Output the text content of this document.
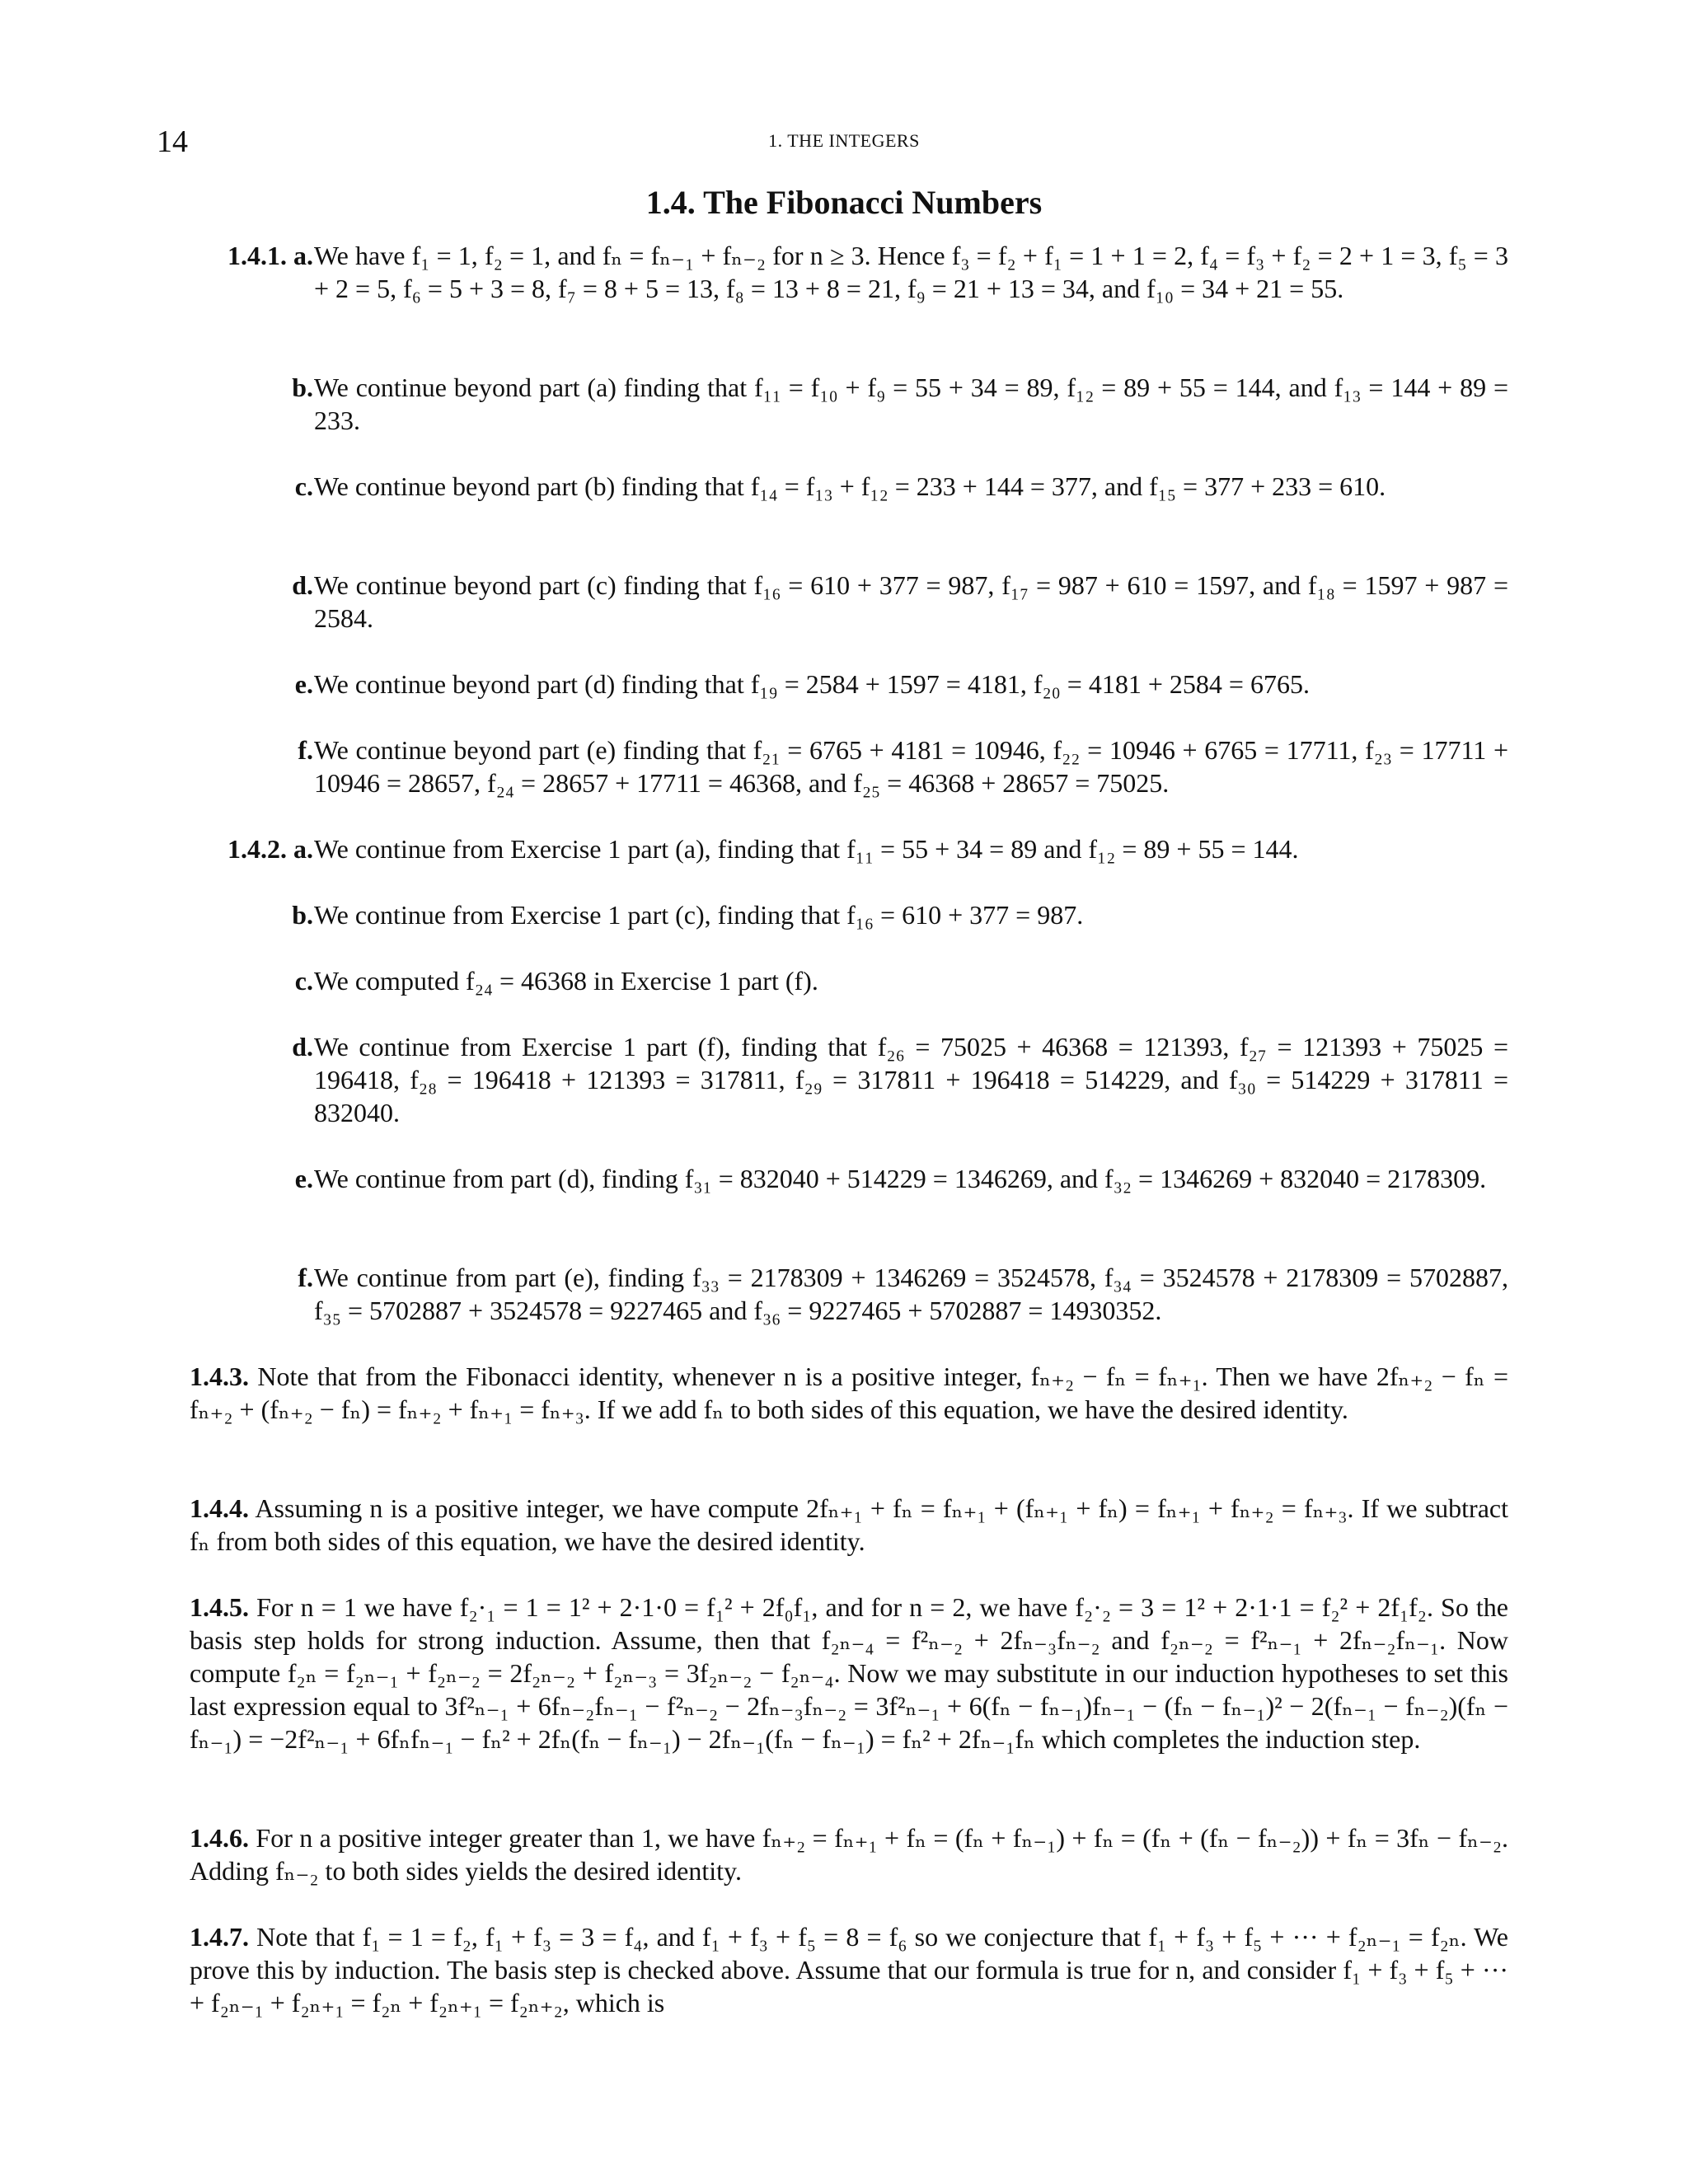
14	1. THE INTEGERS
1.4. The Fibonacci Numbers
1.4.1. a. We have f₁ = 1, f₂ = 1, and fₙ = fₙ₋₁ + fₙ₋₂ for n ≥ 3. Hence f₃ = f₂ + f₁ = 1 + 1 = 2, f₄ = f₃ + f₂ = 2 + 1 = 3, f₅ = 3 + 2 = 5, f₆ = 5 + 3 = 8, f₇ = 8 + 5 = 13, f₈ = 13 + 8 = 21, f₉ = 21 + 13 = 34, and f₁₀ = 34 + 21 = 55.
b. We continue beyond part (a) finding that f₁₁ = f₁₀ + f₉ = 55 + 34 = 89, f₁₂ = 89 + 55 = 144, and f₁₃ = 144 + 89 = 233.
c. We continue beyond part (b) finding that f₁₄ = f₁₃ + f₁₂ = 233 + 144 = 377, and f₁₅ = 377 + 233 = 610.
d. We continue beyond part (c) finding that f₁₆ = 610 + 377 = 987, f₁₇ = 987 + 610 = 1597, and f₁₈ = 1597 + 987 = 2584.
e. We continue beyond part (d) finding that f₁₉ = 2584 + 1597 = 4181, f₂₀ = 4181 + 2584 = 6765.
f. We continue beyond part (e) finding that f₂₁ = 6765 + 4181 = 10946, f₂₂ = 10946 + 6765 = 17711, f₂₃ = 17711 + 10946 = 28657, f₂₄ = 28657 + 17711 = 46368, and f₂₅ = 46368 + 28657 = 75025.
1.4.2. a. We continue from Exercise 1 part (a), finding that f₁₁ = 55 + 34 = 89 and f₁₂ = 89 + 55 = 144.
b. We continue from Exercise 1 part (c), finding that f₁₆ = 610 + 377 = 987.
c. We computed f₂₄ = 46368 in Exercise 1 part (f).
d. We continue from Exercise 1 part (f), finding that f₂₆ = 75025 + 46368 = 121393, f₂₇ = 121393 + 75025 = 196418, f₂₈ = 196418 + 121393 = 317811, f₂₉ = 317811 + 196418 = 514229, and f₃₀ = 514229 + 317811 = 832040.
e. We continue from part (d), finding f₃₁ = 832040 + 514229 = 1346269, and f₃₂ = 1346269 + 832040 = 2178309.
f. We continue from part (e), finding f₃₃ = 2178309 + 1346269 = 3524578, f₃₄ = 3524578 + 2178309 = 5702887, f₃₅ = 5702887 + 3524578 = 9227465 and f₃₆ = 9227465 + 5702887 = 14930352.
1.4.3. Note that from the Fibonacci identity, whenever n is a positive integer, fₙ₊₂ − fₙ = fₙ₊₁. Then we have 2fₙ₊₂ − fₙ = fₙ₊₂ + (fₙ₊₂ − fₙ) = fₙ₊₂ + fₙ₊₁ = fₙ₊₃. If we add fₙ to both sides of this equation, we have the desired identity.
1.4.4. Assuming n is a positive integer, we have compute 2fₙ₊₁ + fₙ = fₙ₊₁ + (fₙ₊₁ + fₙ) = fₙ₊₁ + fₙ₊₂ = fₙ₊₃. If we subtract fₙ from both sides of this equation, we have the desired identity.
1.4.5. For n = 1 we have f₂·₁ = 1 = 1² + 2·1·0 = f₁² + 2f₀f₁, and for n = 2, we have f₂·₂ = 3 = 1² + 2·1·1 = f₂² + 2f₁f₂. So the basis step holds for strong induction. Assume, then that f₂ₙ₋₄ = f²ₙ₋₂ + 2fₙ₋₃fₙ₋₂ and f₂ₙ₋₂ = f²ₙ₋₁ + 2fₙ₋₂fₙ₋₁. Now compute f₂ₙ = f₂ₙ₋₁ + f₂ₙ₋₂ = 2f₂ₙ₋₂ + f₂ₙ₋₃ = 3f₂ₙ₋₂ − f₂ₙ₋₄. Now we may substitute in our induction hypotheses to set this last expression equal to 3f²ₙ₋₁ + 6fₙ₋₂fₙ₋₁ − f²ₙ₋₂ − 2fₙ₋₃fₙ₋₂ = 3f²ₙ₋₁ + 6(fₙ − fₙ₋₁)fₙ₋₁ − (fₙ − fₙ₋₁)² − 2(fₙ₋₁ − fₙ₋₂)(fₙ − fₙ₋₁) = −2f²ₙ₋₁ + 6fₙfₙ₋₁ − fₙ² + 2fₙ(fₙ − fₙ₋₁) − 2fₙ₋₁(fₙ − fₙ₋₁) = fₙ² + 2fₙ₋₁fₙ which completes the induction step.
1.4.6. For n a positive integer greater than 1, we have fₙ₊₂ = fₙ₊₁ + fₙ = (fₙ + fₙ₋₁) + fₙ = (fₙ + (fₙ − fₙ₋₂)) + fₙ = 3fₙ − fₙ₋₂. Adding fₙ₋₂ to both sides yields the desired identity.
1.4.7. Note that f₁ = 1 = f₂, f₁ + f₃ = 3 = f₄, and f₁ + f₃ + f₅ = 8 = f₆ so we conjecture that f₁ + f₃ + f₅ + ··· + f₂ₙ₋₁ = f₂ₙ. We prove this by induction. The basis step is checked above. Assume that our formula is true for n, and consider f₁ + f₃ + f₅ + ··· + f₂ₙ₋₁ + f₂ₙ₊₁ = f₂ₙ + f₂ₙ₊₁ = f₂ₙ₊₂, which is
